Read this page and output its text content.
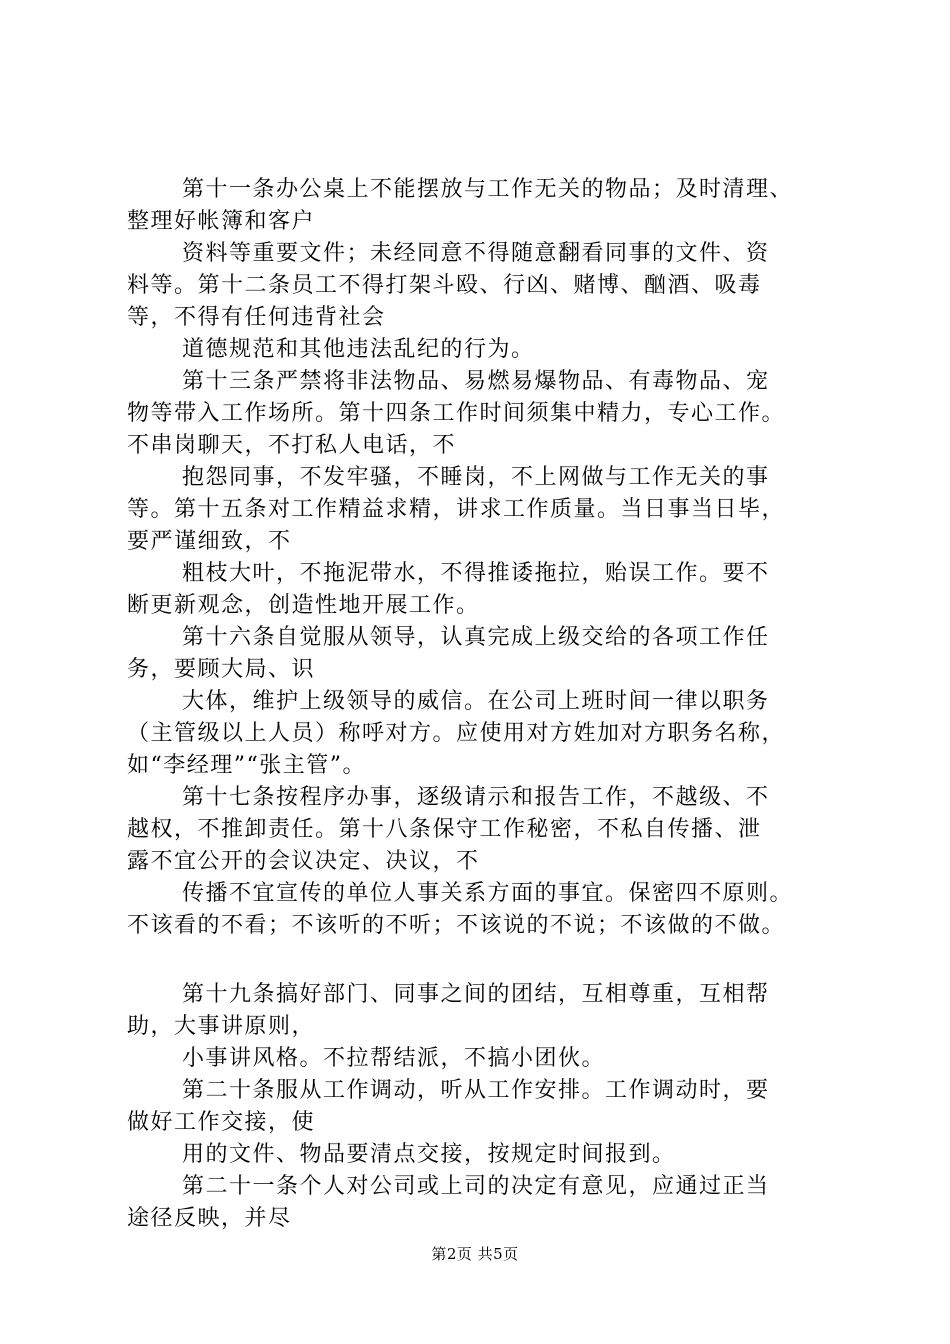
第十一条办公桌上不能摆放与工作无关的物品；及时清理、
整理好帐簿和客户
资料等重要文件；未经同意不得随意翻看同事的文件、资
料等。第十二条员工不得打架斗殴、行凶、赌博、酗酒、吸毒
等，不得有任何违背社会
道德规范和其他违法乱纪的行为。
第十三条严禁将非法物品、易燃易爆物品、有毒物品、宠
物等带入工作场所。第十四条工作时间须集中精力，专心工作。
不串岗聊天，不打私人电话，不
抱怨同事，不发牢骚，不睡岗，不上网做与工作无关的事
等。第十五条对工作精益求精，讲求工作质量。当日事当日毕，
要严谨细致，不
粗枝大叶，不拖泥带水，不得推诿拖拉，贻误工作。要不
断更新观念，创造性地开展工作。
第十六条自觉服从领导，认真完成上级交给的各项工作任
务，要顾大局、识
大体，维护上级领导的威信。在公司上班时间一律以职务
（主管级以上人员）称呼对方。应使用对方姓加对方职务名称，
如“李经理”“张主管”。
第十七条按程序办事，逐级请示和报告工作，不越级、不
越权，不推卸责任。第十八条保守工作秘密，不私自传播、泄
露不宜公开的会议决定、决议，不
传播不宜宣传的单位人事关系方面的事宜。保密四不原则。
不该看的不看；不该听的不听；不该说的不说；不该做的不做。
第十九条搞好部门、同事之间的团结，互相尊重，互相帮
助，大事讲原则，
小事讲风格。不拉帮结派，不搞小团伙。
第二十条服从工作调动，听从工作安排。工作调动时，要
做好工作交接，使
用的文件、物品要清点交接，按规定时间报到。
第二十一条个人对公司或上司的决定有意见，应通过正当
途径反映，并尽
第2页 共5页
